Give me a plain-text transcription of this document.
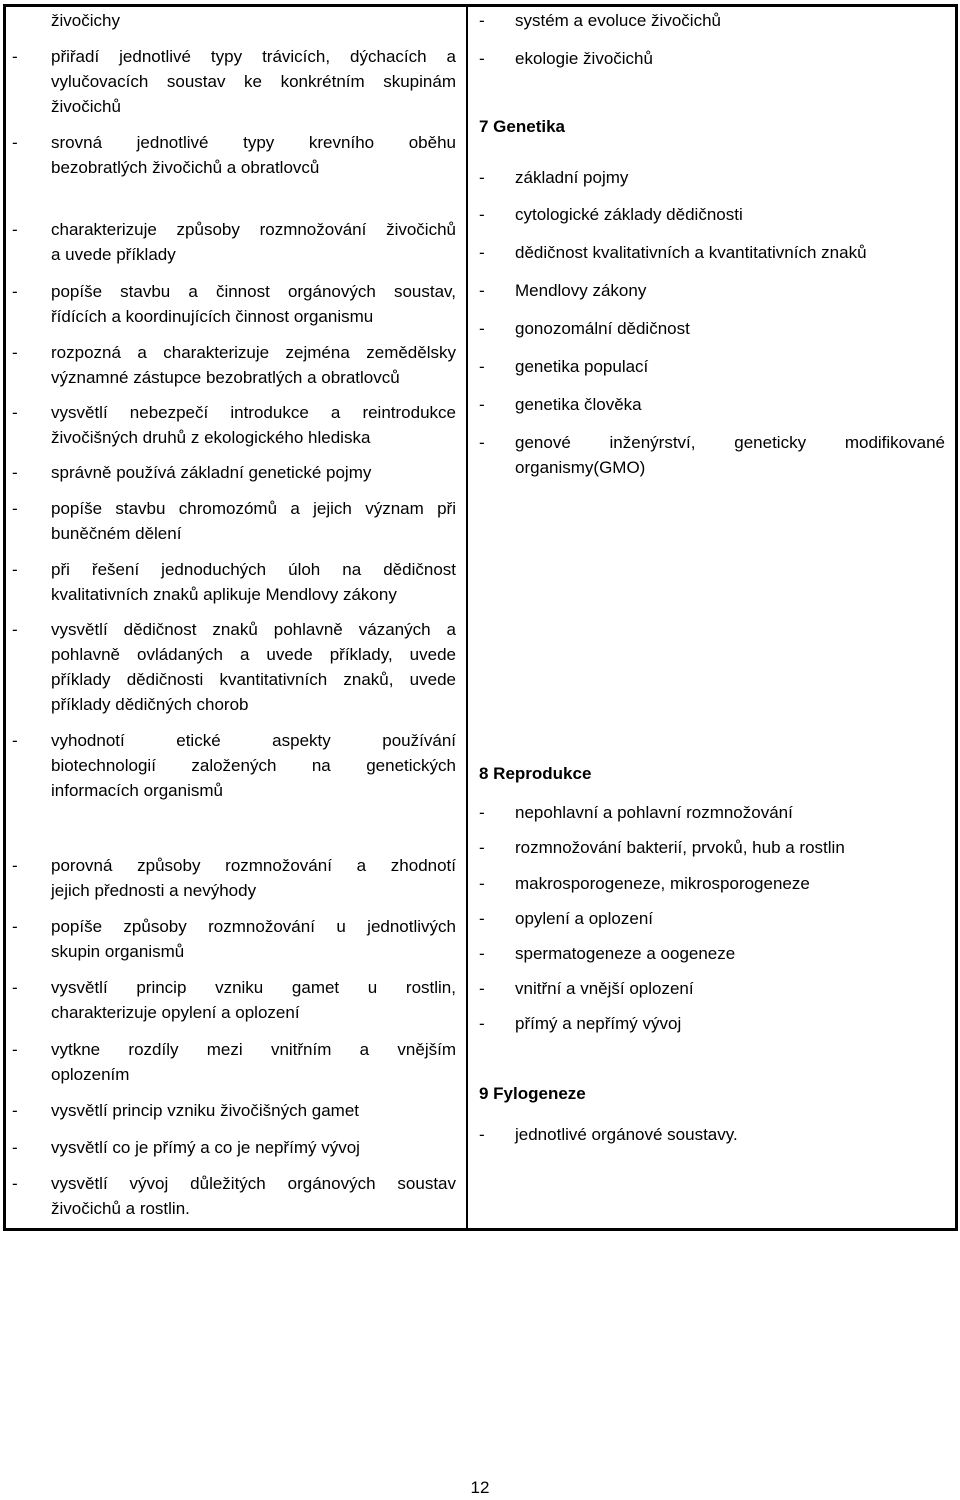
živočichy
- přiřadí jednotlivé typy trávicích, dýchacích a
vylučovacích soustav ke konkrétním skupinám
živočichů
- srovná jednotlivé typy krevního oběhu
bezobratlých živočichů a obratlovců
- charakterizuje způsoby rozmnožování živočichů
a uvede příklady
- popíše stavbu a činnost orgánových soustav,
řídících a koordinujících činnost organismu
- rozpozná a charakterizuje zejména zemědělsky
významné zástupce bezobratlých a obratlovců
- vysvětlí nebezpečí introdukce a reintrodukce
živočišných druhů z ekologického hlediska
- správně používá základní genetické pojmy
- popíše stavbu chromozómů a jejich význam při
buněčném dělení
- při řešení jednoduchých úloh na dědičnost
kvalitativních znaků aplikuje Mendlovy zákony
- vysvětlí dědičnost znaků pohlavně vázaných a
pohlavně ovládaných a uvede příklady, uvede
příklady dědičnosti kvantitativních znaků, uvede
příklady dědičných chorob
- vyhodnotí etické aspekty používání
biotechnologií založených na genetických
informacích organismů
- porovná způsoby rozmnožování a zhodnotí
jejich přednosti a nevýhody
- popíše způsoby rozmnožování u jednotlivých
skupin organismů
- vysvětlí princip vzniku gamet u rostlin,
charakterizuje opylení a oplození
- vytkne rozdíly mezi vnitřním a vnějším
oplozením
- vysvětlí princip vzniku živočišných gamet
- vysvětlí co je přímý a co je nepřímý vývoj
- vysvětlí vývoj důležitých orgánových soustav
živočichů a rostlin.
- systém a evoluce živočichů
- ekologie živočichů
7 Genetika
- základní pojmy
- cytologické základy dědičnosti
- dědičnost kvalitativních a kvantitativních znaků
- Mendlovy zákony
- gonozomální dědičnost
- genetika populací
- genetika člověka
- genové inženýrství, geneticky modifikované
organismy(GMO)
8 Reprodukce
- nepohlavní a pohlavní rozmnožování
- rozmnožování bakterií, prvoků, hub a rostlin
- makrosporogeneze, mikrosporogeneze
- opylení a oplození
- spermatogeneze a oogeneze
- vnitřní a vnější oplození
- přímý a nepřímý vývoj
9 Fylogeneze
- jednotlivé orgánové soustavy.
12
